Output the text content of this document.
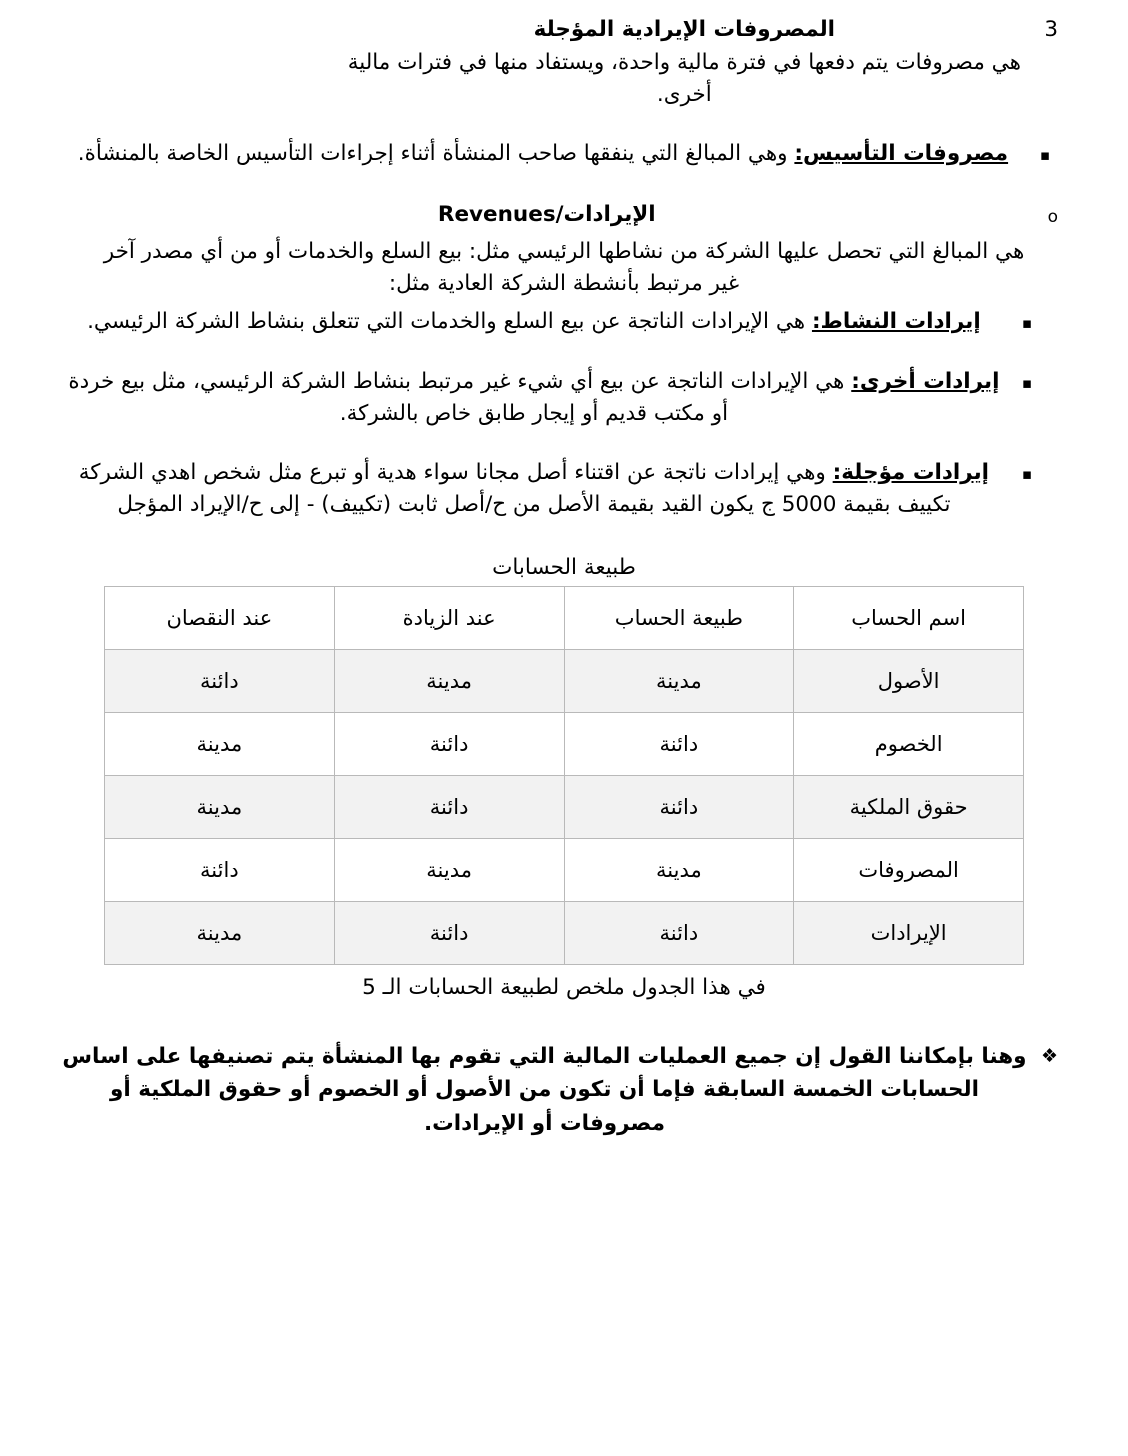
3
المصروفات الإيرادية المؤجلة
هي مصروفات يتم دفعها في فترة مالية واحدة، ويستفاد منها في فترات مالية أخرى.
▪
مصروفات التأسيس: وهي المبالغ التي ينفقها صاحب المنشأة أثناء إجراءات التأسيس الخاصة بالمنشأة.
o
الإيرادات/Revenues
هي المبالغ التي تحصل عليها الشركة من نشاطها الرئيسي مثل: بيع السلع والخدمات أو من أي مصدر آخر غير مرتبط بأنشطة الشركة العادية مثل:
▪
إيرادات النشاط: هي الإيرادات الناتجة عن بيع السلع والخدمات التي تتعلق بنشاط الشركة الرئيسي.
▪
إيرادات أخرى: هي الإيرادات الناتجة عن بيع أي شيء غير مرتبط بنشاط الشركة الرئيسي، مثل بيع خردة أو مكتب قديم أو إيجار طابق خاص بالشركة.
▪
إيرادات مؤجلة: وهي إيرادات ناتجة عن اقتناء أصل مجانا سواء هدية أو تبرع مثل شخص اهدي الشركة تكييف بقيمة 5000 ج يكون القيد بقيمة الأصل من ح/أصل ثابت (تكييف) - إلى ح/الإيراد المؤجل
طبيعة الحسابات
اسم الحساب	طبيعة الحساب	عند الزيادة	عند النقصان
الأصول	مدينة	مدينة	دائنة
الخصوم	دائنة	دائنة	مدينة
حقوق الملكية	دائنة	دائنة	مدينة
المصروفات	مدينة	مدينة	دائنة
الإيرادات	دائنة	دائنة	مدينة
في هذا الجدول ملخص لطبيعة الحسابات الـ 5
❖
وهنا بإمكاننا القول إن جميع العمليات المالية التي تقوم بها المنشأة يتم تصنيفها على اساس الحسابات الخمسة السابقة فإما أن تكون من الأصول أو الخصوم أو حقوق الملكية أو مصروفات أو الإيرادات.
